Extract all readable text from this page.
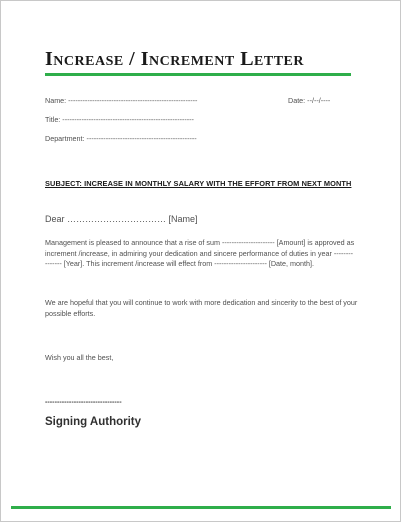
Increase / Increment Letter
Name: ------------------------------------------------------	Date: --/--/----
Title: -------------------------------------------------------
Department: ----------------------------------------------
SUBJECT: INCREASE IN MONTHLY SALARY WITH THE EFFORT FROM NEXT MONTH
Dear …………………………… [Name]
Management is pleased to announce that a rise of sum ---------------------- [Amount] is approved as increment /increase, in admiring your dedication and sincere performance of duties in year --------------- [Year]. This increment /increase will effect from ---------------------- [Date, month].
We are hopeful that you will continue to work with more dedication and sincerity to the best of your possible efforts.
Wish you all the best,
--------------------------------
Signing Authority
